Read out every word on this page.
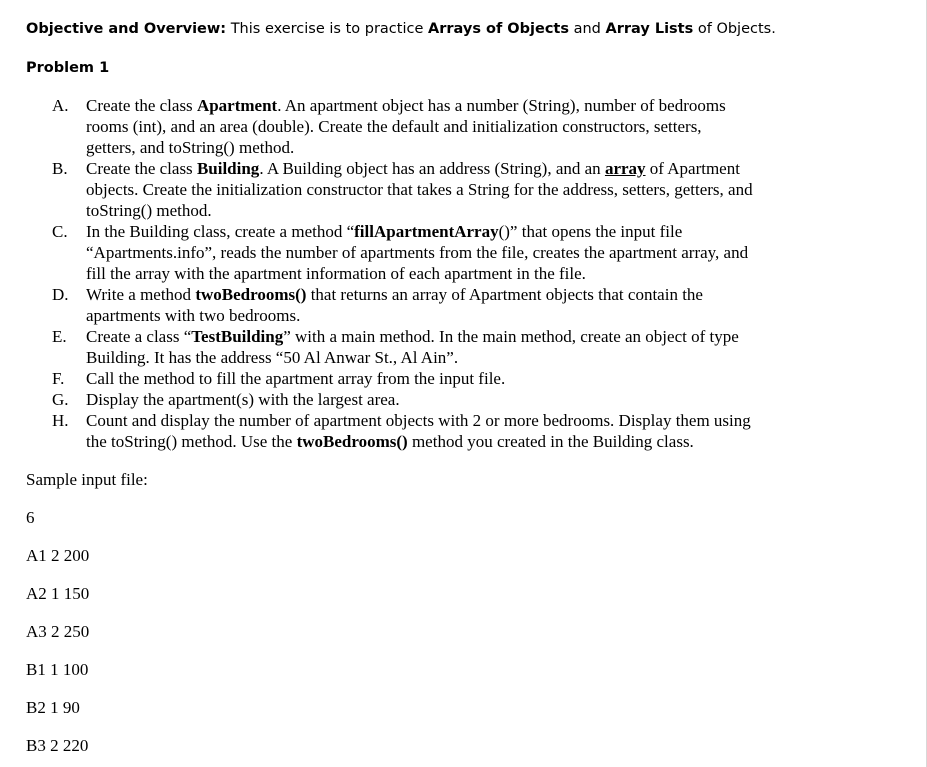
Objective and Overview: This exercise is to practice Arrays of Objects and Array Lists of Objects.
Problem 1
A.	Create the class Apartment. An apartment object has a number (String), number of bedrooms
rooms (int), and an area (double). Create the default and initialization constructors, setters,
getters, and toString() method.
B.	Create the class Building. A Building object has an address (String), and an array of Apartment
objects. Create the initialization constructor that takes a String for the address, setters, getters, and
toString() method.
C.	In the Building class, create a method “fillApartmentArray()” that opens the input file
“Apartments.info”, reads the number of apartments from the file, creates the apartment array, and
fill the array with the apartment information of each apartment in the file.
D.	Write a method twoBedrooms() that returns an array of Apartment objects that contain the
apartments with two bedrooms.
E.	Create a class “TestBuilding” with a main method. In the main method, create an object of type
Building. It has the address “50 Al Anwar St., Al Ain”.
F.	Call the method to fill the apartment array from the input file.
G.	Display the apartment(s) with the largest area.
H.	Count and display the number of apartment objects with 2 or more bedrooms. Display them using
the toString() method. Use the twoBedrooms() method you created in the Building class.
Sample input file:
6
A1 2 200
A2 1 150
A3 2 250
B1 1 100
B2 1 90
B3 2 220
